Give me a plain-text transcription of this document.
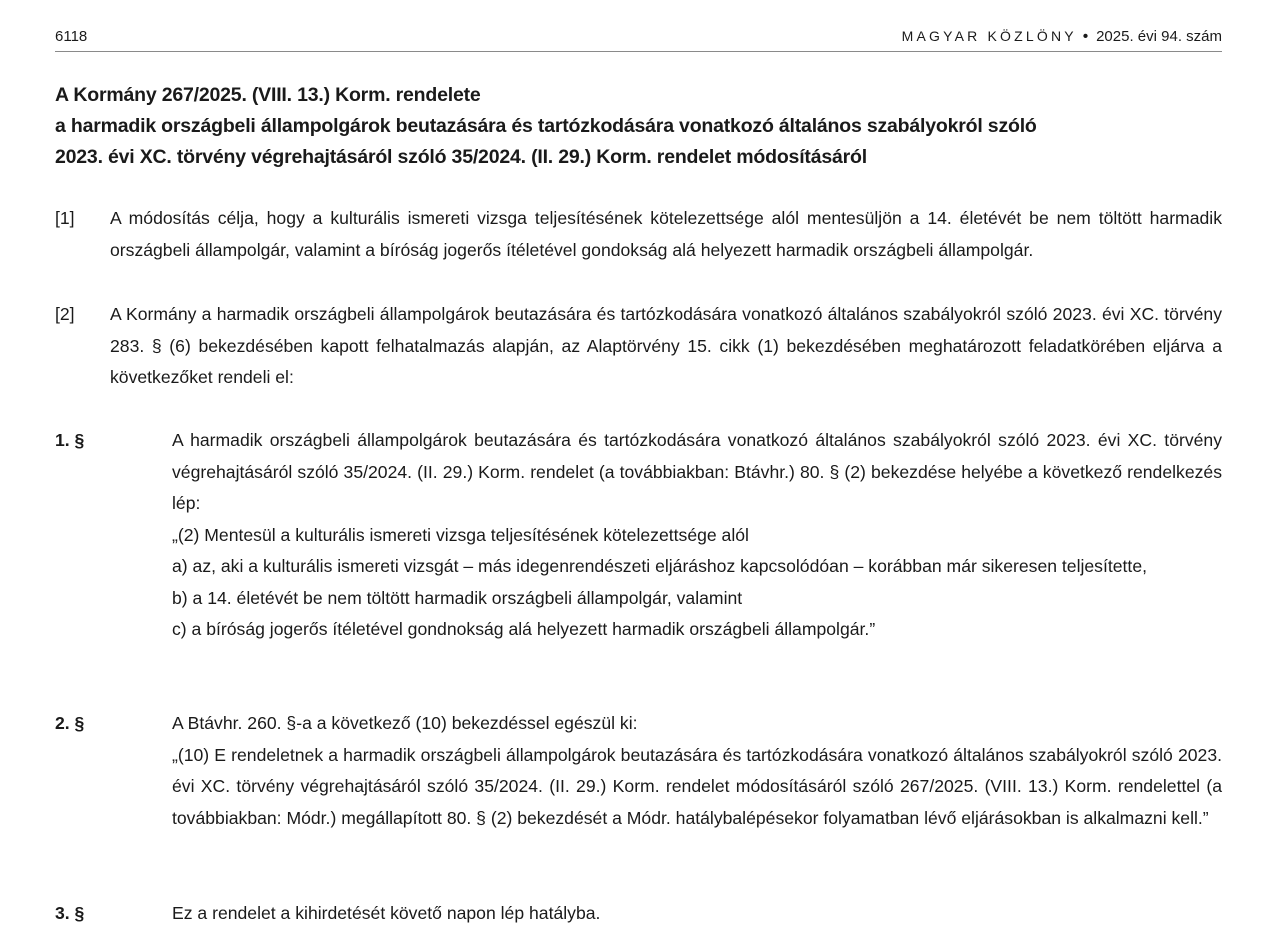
6118	MAGYAR KÖZLÖNY • 2025. évi 94. szám
A Kormány 267/2025. (VIII. 13.) Korm. rendelete
a harmadik országbeli állampolgárok beutazására és tartózkodására vonatkozó általános szabályokról szóló
2023. évi XC. törvény végrehajtásáról szóló 35/2024. (II. 29.) Korm. rendelet módosításáról
[1] A módosítás célja, hogy a kulturális ismereti vizsga teljesítésének kötelezettsége alól mentesüljön a 14. életévét be nem töltött harmadik országbeli állampolgár, valamint a bíróság jogerős ítéletével gondokság alá helyezett harmadik országbeli állampolgár.
[2] A Kormány a harmadik országbeli állampolgárok beutazására és tartózkodására vonatkozó általános szabályokról szóló 2023. évi XC. törvény 283. § (6) bekezdésében kapott felhatalmazás alapján, az Alaptörvény 15. cikk (1) bekezdésében meghatározott feladatkörében eljárva a következőket rendeli el:
1. §	A harmadik országbeli állampolgárok beutazására és tartózkodására vonatkozó általános szabályokról szóló 2023. évi XC. törvény végrehajtásáról szóló 35/2024. (II. 29.) Korm. rendelet (a továbbiakban: Btávhr.) 80. § (2) bekezdése helyébe a következő rendelkezés lép:
„(2) Mentesül a kulturális ismereti vizsga teljesítésének kötelezettsége alól
a) az, aki a kulturális ismereti vizsgát – más idegenrendészeti eljáráshoz kapcsolódóan – korábban már sikeresen teljesítette,
b) a 14. életévét be nem töltött harmadik országbeli állampolgár, valamint
c) a bíróság jogerős ítéletével gondnokság alá helyezett harmadik országbeli állampolgár.”
2. §	A Btávhr. 260. §-a a következő (10) bekezdéssel egészül ki:
„(10) E rendeletnek a harmadik országbeli állampolgárok beutazására és tartózkodására vonatkozó általános szabályokról szóló 2023. évi XC. törvény végrehajtásáról szóló 35/2024. (II. 29.) Korm. rendelet módosításáról szóló 267/2025. (VIII. 13.) Korm. rendelettel (a továbbiakban: Módr.) megállapított 80. § (2) bekezdését a Módr. hatálybalépésekor folyamatban lévő eljárásokban is alkalmazni kell.”
3. §	Ez a rendelet a kihirdetését követő napon lép hatályba.
